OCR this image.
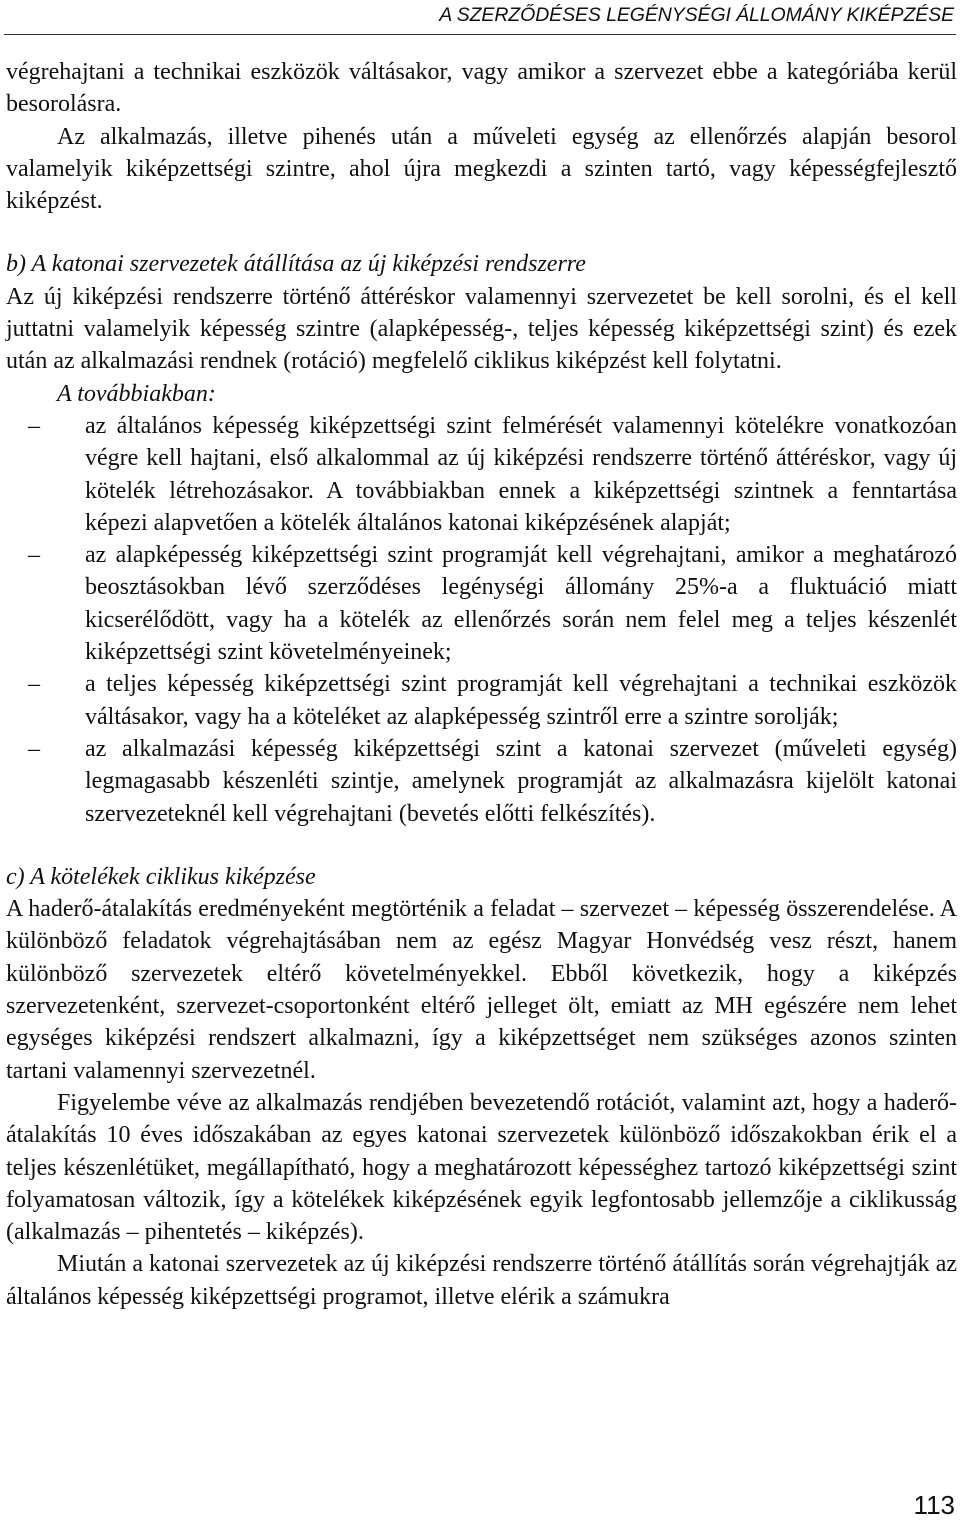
A SZERZŐDÉSES LEGÉNYSÉGI ÁLLOMÁNY KIKÉPZÉSE

végrehajtani a technikai eszközök váltásakor, vagy amikor a szervezet ebbe a kategóriába kerül besorolásra.

Az alkalmazás, illetve pihenés után a műveleti egység az ellenőrzés alapján besorol valamelyik kiképzettségi szintre, ahol újra megkezdi a szinten tartó, vagy képességfejlesztő kiképzést.

b) A katonai szervezetek átállítása az új kiképzési rendszerre

Az új kiképzési rendszerre történő áttéréskor valamennyi szervezetet be kell sorolni, és el kell juttatni valamelyik képesség szintre (alapképesség-, teljes képesség kiképzettségi szint) és ezek után az alkalmazási rendnek (rotáció) megfelelő ciklikus kiképzést kell folytatni.

A továbbiakban:

– az általános képesség kiképzettségi szint felmérését valamennyi kötelékre vonatkozóan végre kell hajtani, első alkalommal az új kiképzési rendszerre történő áttéréskor, vagy új kötelék létrehozásakor. A továbbiakban ennek a kiképzettségi szintnek a fenntartása képezi alapvetően a kötelék általános katonai kiképzésének alapját;
– az alapképesség kiképzettségi szint programját kell végrehajtani, amikor a meghatározó beosztásokban lévő szerződéses legénységi állomány 25%-a a fluktuáció miatt kicserélődött, vagy ha a kötelék az ellenőrzés során nem felel meg a teljes készenlét kiképzettségi szint követelményeinek;
– a teljes képesség kiképzettségi szint programját kell végrehajtani a technikai eszközök váltásakor, vagy ha a köteléket az alapképesség szintről erre a szintre sorolják;
– az alkalmazási képesség kiképzettségi szint a katonai szervezet (műveleti egység) legmagasabb készenléti szintje, amelynek programját az alkalmazásra kijelölt katonai szervezeteknél kell végrehajtani (bevetés előtti felkészítés).

c) A kötelékek ciklikus kiképzése

A haderő-átalakítás eredményeként megtörténik a feladat – szervezet – képesség összerendelése. A különböző feladatok végrehajtásában nem az egész Magyar Honvédség vesz részt, hanem különböző szervezetek eltérő követelményekkel. Ebből következik, hogy a kiképzés szervezetenként, szervezet-csoportonként eltérő jelleget ölt, emiatt az MH egészére nem lehet egységes kiképzési rendszert alkalmazni, így a kiképzettséget nem szükséges azonos szinten tartani valamennyi szervezetnél.

Figyelembe véve az alkalmazás rendjében bevezetendő rotációt, valamint azt, hogy a haderő-átalakítás 10 éves időszakában az egyes katonai szervezetek különböző időszakokban érik el a teljes készenlétüket, megállapítható, hogy a meghatározott képességhez tartozó kiképzettségi szint folyamatosan változik, így a kötelékek kiképzésének egyik legfontosabb jellemzője a ciklikusság (alkalmazás – pihentetés – kiképzés).

Miután a katonai szervezetek az új kiképzési rendszerre történő átállítás során végrehajtják az általános képesség kiképzettségi programot, illetve elérik a számukra

113
